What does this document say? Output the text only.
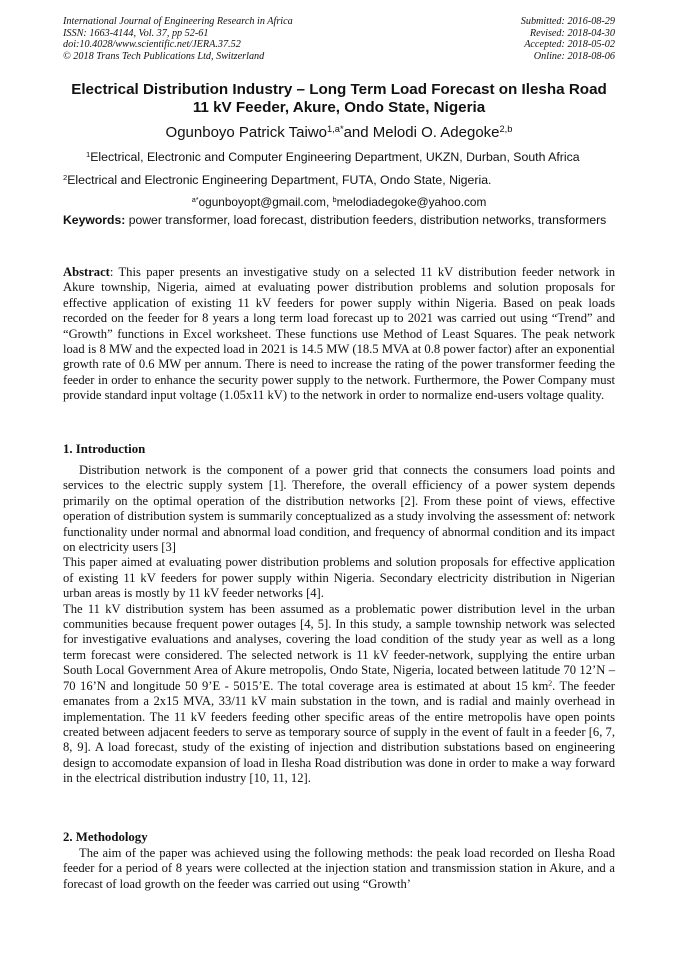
International Journal of Engineering Research in Africa
ISSN: 1663-4144, Vol. 37, pp 52-61
doi:10.4028/www.scientific.net/JERA.37.52
© 2018 Trans Tech Publications Ltd, Switzerland
Submitted: 2016-08-29
Revised: 2018-04-30
Accepted: 2018-05-02
Online: 2018-08-06
Electrical Distribution Industry – Long Term Load Forecast on Ilesha Road 11 kV Feeder, Akure, Ondo State, Nigeria
Ogunboyo Patrick Taiwo$^{1,a*}$and Melodi O. Adegoke$^{2,b}$
$^1$Electrical, Electronic and Computer Engineering Department, UKZN, Durban, South Africa
$^2$Electrical and Electronic Engineering Department, FUTA, Ondo State, Nigeria.
$^{a*}$ogunboyopt@gmail.com, $^b$melodiadegoke@yahoo.com
Keywords: power transformer, load forecast, distribution feeders, distribution networks, transformers

Abstract: This paper presents an investigative study on a selected 11 kV distribution feeder network in Akure township, Nigeria, aimed at evaluating power distribution problems and solution proposals for effective application of existing 11 kV feeders for power supply within Nigeria. Based on peak loads recorded on the feeder for 8 years a long term load forecast up to 2021 was carried out using “Trend” and “Growth” functions in Excel worksheet. These functions use Method of Least Squares. The peak network load is 8 MW and the expected load in 2021 is 14.5 MW (18.5 MVA at 0.8 power factor) after an exponential growth rate of 0.6 MW per annum. There is need to increase the rating of the power transformer feeding the feeder in order to enhance the security power supply to the network. Furthermore, the Power Company must provide standard input voltage (1.05x11 kV) to the network in order to normalize end-users voltage quality.

1. Introduction

Distribution network is the component of a power grid that connects the consumers load points and services to the electric supply system [1]. Therefore, the overall efficiency of a power system depends primarily on the optimal operation of the distribution networks [2]. From these point of views, effective operation of distribution system is summarily conceptualized as a study involving the assessment of: network functionality under normal and abnormal load condition, and frequency of abnormal condition and its impact on electricity users [3]

This paper aimed at evaluating power distribution problems and solution proposals for effective application of existing 11 kV feeders for power supply within Nigeria. Secondary electricity distribution in Nigerian urban areas is mostly by 11 kV feeder networks [4].

The 11 kV distribution system has been assumed as a problematic power distribution level in the urban communities because frequent power outages [4, 5]. In this study, a sample township network was selected for investigative evaluations and analyses, covering the load condition of the study year as well as a long term forecast were considered. The selected network is 11 kV feeder-network, supplying the entire urban South Local Government Area of Akure metropolis, Ondo State, Nigeria, located between latitude 70 12’N – 70 16’N and longitude 50 9’E - 5015’E. The total coverage area is estimated at about 15 $km^2$. The feeder emanates from a 2x15 MVA, 33/11 kV main substation in the town, and is radial and mainly overhead in implementation. The 11 kV feeders feeding other specific areas of the entire metropolis have open points created between adjacent feeders to serve as temporary source of supply in the event of fault in a feeder [6, 7, 8, 9]. A load forecast, study of the existing of injection and distribution substations based on engineering design to accomodate expansion of load in Ilesha Road distribution was done in order to make a way forward in the electrical distribution industry [10, 11, 12].

2. Methodology

The aim of the paper was achieved using the following methods: the peak load recorded on Ilesha Road feeder for a period of 8 years were collected at the injection station and transmission station in Akure, and a forecast of load growth on the feeder was carried out using “Growth’
